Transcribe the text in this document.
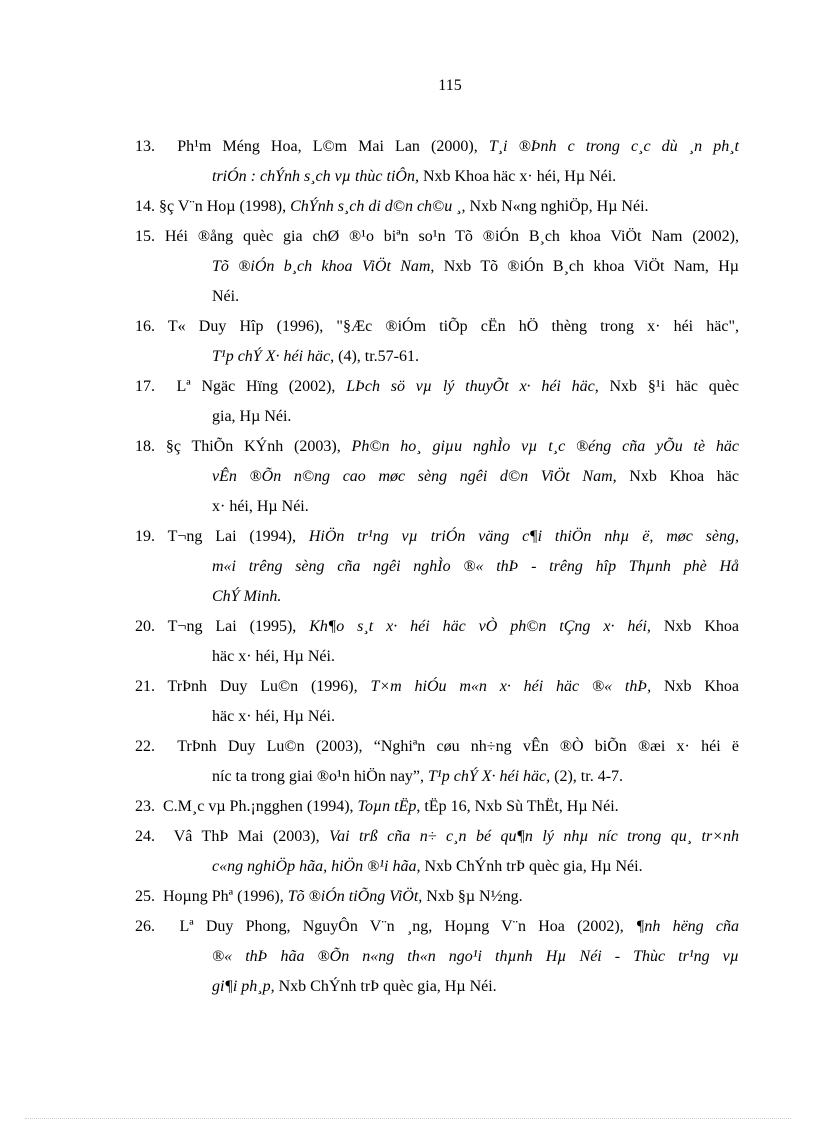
115
13. Ph¹m Méng Hoa, L©m Mai Lan (2000), T¸i ®Þnh c trong c¸c dù ¸n ph¸t
triÓn : chÝnh s¸ch vµ thùc tiÔn, Nxb Khoa häc x· héi, Hµ Néi.
14. §ç V¨n Hoµ (1998), ChÝnh s¸ch di d©n ch©u ¸, Nxb N«ng nghiÖp, Hµ Néi.
15. Héi ®ång quèc gia chØ ®¹o biªn so¹n Tõ ®iÓn B¸ch khoa ViÖt Nam (2002),
Tõ ®iÓn b¸ch khoa ViÖt Nam, Nxb Tõ ®iÓn B¸ch khoa ViÖt Nam, Hµ
Néi.
16. T« Duy Hîp (1996), "§Æc ®iÓm tiÕp cËn hÖ thèng trong x· héi häc",
T¹p chÝ X· héi häc, (4), tr.57-61.
17. Lª Ngäc Hïng (2002), LÞch sö vµ lý thuyÕt x· héi häc, Nxb §¹i häc quèc
gia, Hµ Néi.
18. §ç ThiÕn KÝnh (2003), Ph©n ho¸ giµu nghÌo vµ t¸c ®éng cña yÕu tè häc
vÊn ®Õn n©ng cao møc sèng ngêi d©n ViÖt Nam, Nxb Khoa häc
x· héi, Hµ Néi.
19. T¬ng Lai (1994), HiÖn tr¹ng vµ triÓn väng c¶i thiÖn nhµ ë, møc sèng,
m«i trêng sèng cña ngêi nghÌo ®« thÞ - trêng hîp Thµnh phè Hå
ChÝ Minh.
20. T¬ng Lai (1995), Kh¶o s¸t x· héi häc vÒ ph©n tÇng x· héi, Nxb Khoa
häc x· héi, Hµ Néi.
21. TrÞnh Duy Lu©n (1996), T×m hiÓu m«n x· héi häc ®« thÞ, Nxb Khoa
häc x· héi, Hµ Néi.
22. TrÞnh Duy Lu©n (2003), “Nghiªn cøu nh÷ng vÊn ®Ò biÕn ®æi x· héi ë
níc ta trong giai ®o¹n hiÖn nay”, T¹p chÝ X· héi häc, (2), tr. 4-7.
23. C.M¸c vµ Ph.¡ngghen (1994), Toµn tËp, tËp 16, Nxb Sù ThËt, Hµ Néi.
24. Vâ ThÞ Mai (2003), Vai trß cña n÷ c¸n bé qu¶n lý nhµ níc trong qu¸ tr×nh
c«ng nghiÖp hãa, hiÖn ®¹i hãa, Nxb ChÝnh trÞ quèc gia, Hµ Néi.
25. Hoµng Phª (1996), Tõ ®iÓn tiÕng ViÖt, Nxb §µ N½ng.
26. Lª Duy Phong, NguyÔn V¨n ¸ng, Hoµng V¨n Hoa (2002), ¶nh hëng cña
®« thÞ hãa ®Õn n«ng th«n ngo¹i thµnh Hµ Néi - Thùc tr¹ng vµ
gi¶i ph¸p, Nxb ChÝnh trÞ quèc gia, Hµ Néi.
